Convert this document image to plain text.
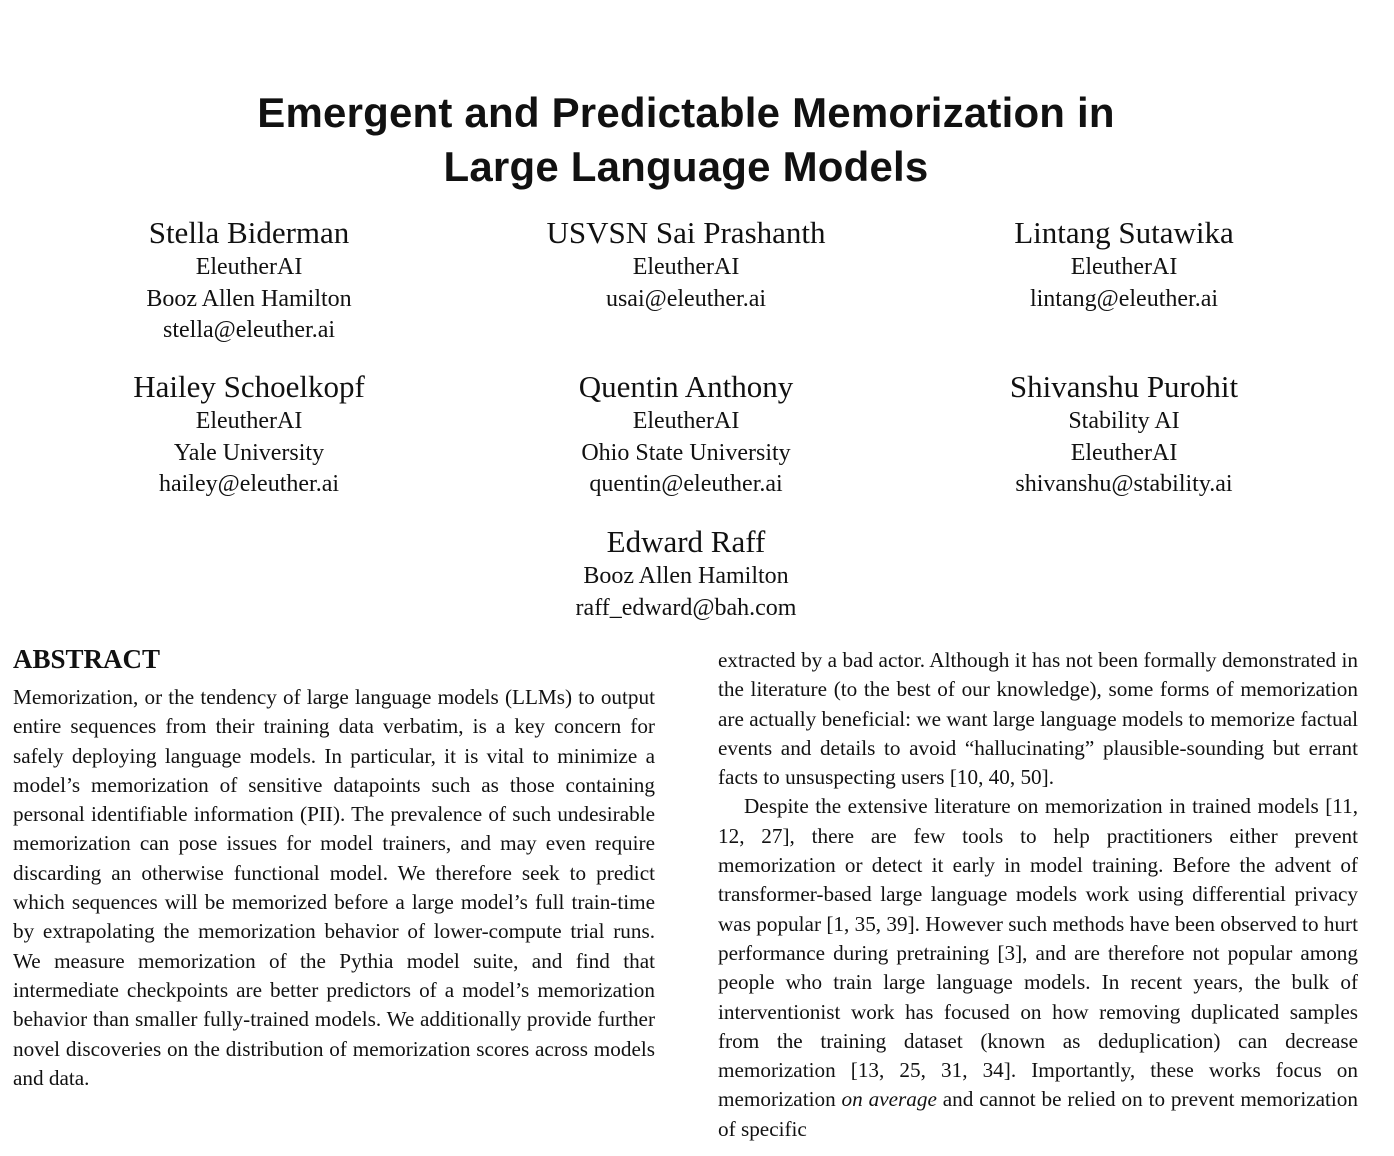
Emergent and Predictable Memorization in
Large Language Models
Stella Biderman
EleutherAI
Booz Allen Hamilton
stella@eleuther.ai
USVSN Sai Prashanth
EleutherAI
usai@eleuther.ai
Lintang Sutawika
EleutherAI
lintang@eleuther.ai
Hailey Schoelkopf
EleutherAI
Yale University
hailey@eleuther.ai
Quentin Anthony
EleutherAI
Ohio State University
quentin@eleuther.ai
Shivanshu Purohit
Stability AI
EleutherAI
shivanshu@stability.ai
Edward Raff
Booz Allen Hamilton
raff_edward@bah.com
ABSTRACT

Memorization, or the tendency of large language models (LLMs) to output entire sequences from their training data verbatim, is a key concern for safely deploying language models. In particular, it is vital to minimize a model’s memorization of sensitive datapoints such as those containing personal identifiable information (PII). The prevalence of such undesirable memorization can pose issues for model trainers, and may even require discarding an otherwise functional model. We therefore seek to predict which sequences will be memorized before a large model’s full train-time by extrapolating the memorization behavior of lower-compute trial runs. We measure memorization of the Pythia model suite, and find that intermediate checkpoints are better predictors of a model’s memorization behavior than smaller fully-trained models. We additionally provide further novel discoveries on the distribution of memorization scores across models and data.

extracted by a bad actor. Although it has not been formally demonstrated in the literature (to the best of our knowledge), some forms of memorization are actually beneficial: we want large language models to memorize factual events and details to avoid “hallucinating” plausible-sounding but errant facts to unsuspecting users [10, 40, 50].

Despite the extensive literature on memorization in trained models [11, 12, 27], there are few tools to help practitioners either prevent memorization or detect it early in model training. Before the advent of transformer-based large language models work using differential privacy was popular [1, 35, 39]. However such methods have been observed to hurt performance during pretraining [3], and are therefore not popular among people who train large language models. In recent years, the bulk of interventionist work has focused on how removing duplicated samples from the training dataset (known as deduplication) can decrease memorization [13, 25, 31, 34]. Importantly, these works focus on memorization on average and cannot be relied on to prevent memorization of specific
